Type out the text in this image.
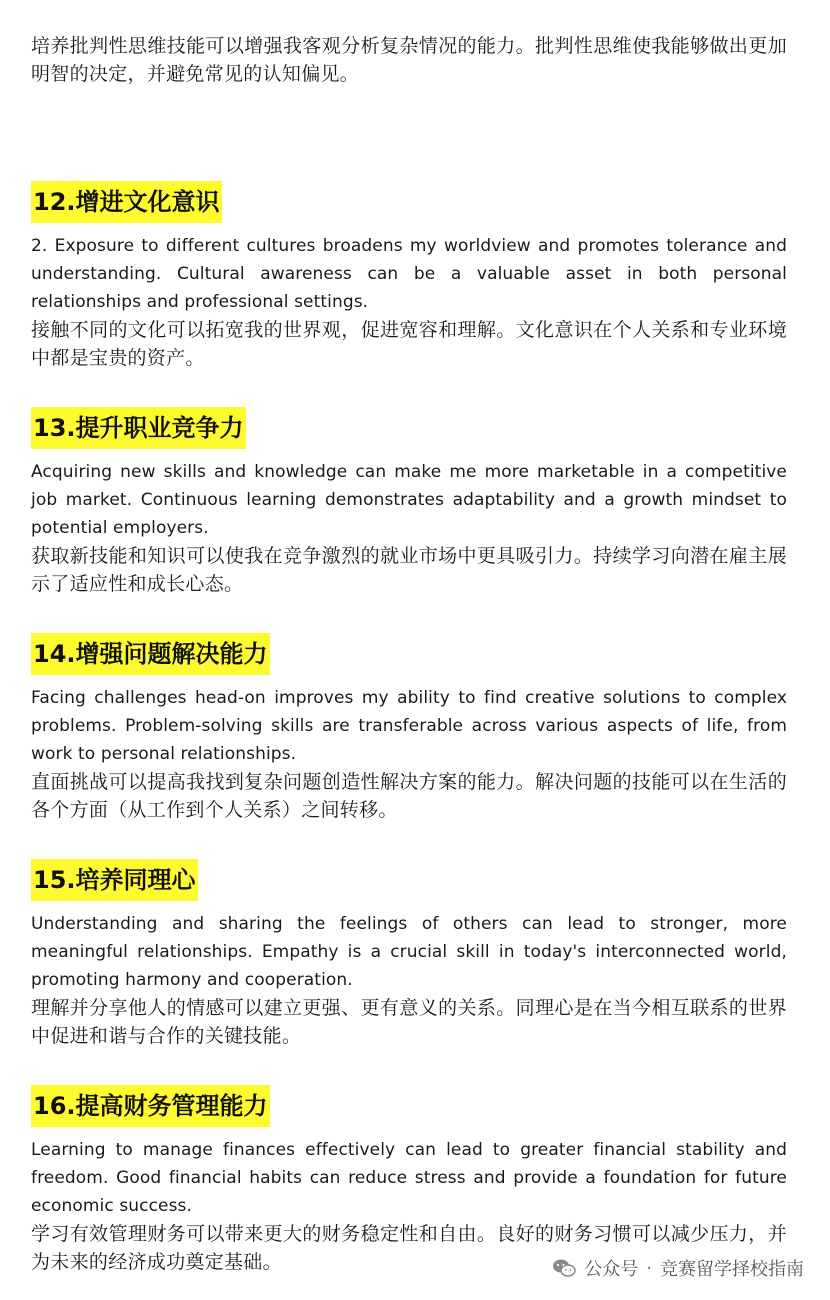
培养批判性思维技能可以增强我客观分析复杂情况的能力。批判性思维使我能够做出更加明智的决定，并避免常见的认知偏见。

12.增进文化意识

2. Exposure to different cultures broadens my worldview and promotes tolerance and understanding. Cultural awareness can be a valuable asset in both personal relationships and professional settings.

接触不同的文化可以拓宽我的世界观，促进宽容和理解。文化意识在个人关系和专业环境中都是宝贵的资产。

13.提升职业竞争力

Acquiring new skills and knowledge can make me more marketable in a competitive job market. Continuous learning demonstrates adaptability and a growth mindset to potential employers.

获取新技能和知识可以使我在竞争激烈的就业市场中更具吸引力。持续学习向潜在雇主展示了适应性和成长心态。

14.增强问题解决能力

Facing challenges head-on improves my ability to find creative solutions to complex problems. Problem-solving skills are transferable across various aspects of life, from work to personal relationships.

直面挑战可以提高我找到复杂问题创造性解决方案的能力。解决问题的技能可以在生活的各个方面（从工作到个人关系）之间转移。

15.培养同理心

Understanding and sharing the feelings of others can lead to stronger, more meaningful relationships. Empathy is a crucial skill in today's interconnected world, promoting harmony and cooperation.

理解并分享他人的情感可以建立更强、更有意义的关系。同理心是在当今相互联系的世界中促进和谐与合作的关键技能。

16.提高财务管理能力

Learning to manage finances effectively can lead to greater financial stability and freedom. Good financial habits can reduce stress and provide a foundation for future economic success.

学习有效管理财务可以带来更大的财务稳定性和自由。良好的财务习惯可以减少压力，并为未来的经济成功奠定基础。	公众号 · 竞赛留学择校指南
